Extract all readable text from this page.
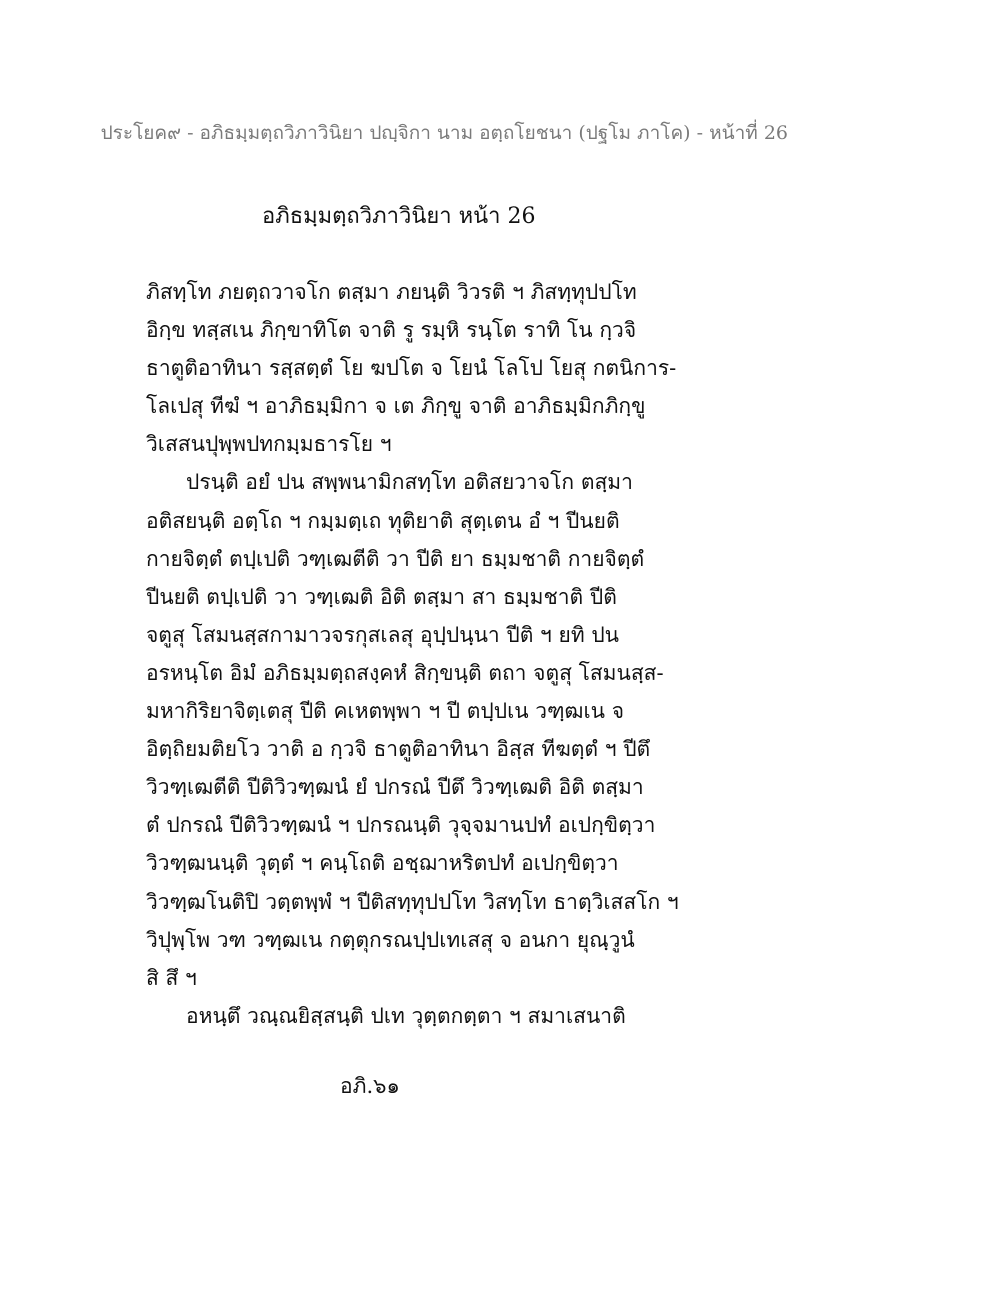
ประโยค๙ - อภิธมฺมตฺถวิภาวินิยา ปญฺจิกา นาม อตฺถโยชนา (ปฐโม ภาโค) - หน้าที่ 26
อภิธมฺมตฺถวิภาวินิยา หน้า 26
ภิสทฺโท ภยตฺถวาจโก ตสฺมา ภยนฺติ วิวรติ ฯ ภิสทฺทุปปโท
อิกฺข ทสฺสเน ภิกฺขาทิโต จาติ รู รมฺหิ รนฺโต ราทิ โน กฺวจิ
ธาตูติอาทินา รสฺสตฺตํ โย ฆปโต จ โยนํ โลโป โยสุ กตนิการ-
โลเปสุ ทีฆํ ฯ อาภิธมฺมิกา จ เต ภิกฺขู จาติ อาภิธมฺมิกภิกฺขู
วิเสสนปุพฺพปทกมฺมธารโย ฯ
ปรนฺติ อยํ ปน สพฺพนามิกสทฺโท อติสยวาจโก ตสฺมา
อติสยนฺติ อตฺโถ ฯ กมฺมตฺเถ ทุติยาติ สุตฺเตน อํ ฯ ปีนยติ
กายจิตฺตํ ตปฺเปติ วฑฺเฒตีติ วา ปีติ ยา ธมฺมชาติ กายจิตฺตํ
ปีนยติ ตปฺเปติ วา วฑฺเฒติ อิติ ตสฺมา สา ธมฺมชาติ ปีติ
จตูสุ โสมนสฺสกามาวจรกุสเลสุ อุปฺปนฺนา ปีติ ฯ ยทิ ปน
อรหนฺโต อิมํ อภิธมฺมตฺถสงฺคหํ สิกฺขนฺติ ตถา จตูสุ โสมนสฺส-
มหากิริยาจิตฺเตสุ ปีติ คเหตพฺพา ฯ ปี ตปฺปเน วฑฺฒเน จ
อิตฺถิยมติยโว วาติ อ กฺวจิ ธาตูติอาทินา อิสฺส ทีฆตฺตํ ฯ ปีตึ
วิวฑฺเฒตีติ ปีติวิวฑฺฒนํ ยํ ปกรณํ ปีตึ วิวฑฺเฒติ อิติ ตสฺมา
ตํ ปกรณํ ปีติวิวฑฺฒนํ ฯ ปกรณนฺติ วุจฺจมานปทํ อเปกฺขิตฺวา
วิวฑฺฒนนฺติ วุตฺตํ ฯ คนฺโถติ อชฺฌาหริตปทํ อเปกฺขิตฺวา
วิวฑฺฒโนติปิ วตฺตพฺพํ ฯ ปีติสทฺทุปปโท วิสทฺโท ธาตฺวิเสสโก ฯ
วิปุพฺโพ วฑ วฑฺฒเน กตฺตุกรณปฺปเทเสสุ จ อนกา ยุณฺวูนํ
สิ สึ ฯ
อหนฺตึ วณฺณยิสฺสนฺติ ปเท วุตฺตกตฺตา ฯ สมาเสนาติ
อภิ.๖๑
